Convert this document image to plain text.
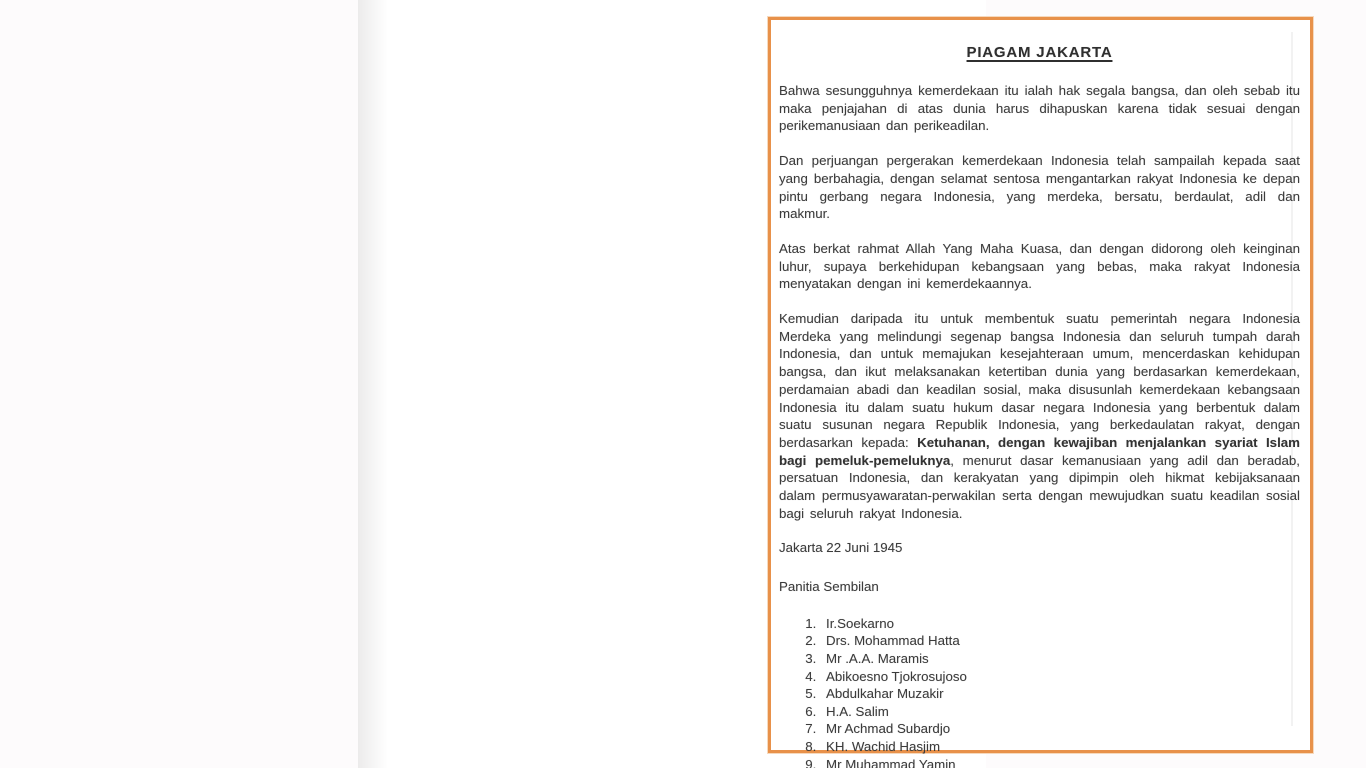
PIAGAM JAKARTA

Bahwa sesungguhnya kemerdekaan itu ialah hak segala bangsa, dan oleh sebab itu maka penjajahan di atas dunia harus dihapuskan karena tidak sesuai dengan perikemanusiaan dan perikeadilan.

Dan perjuangan pergerakan kemerdekaan Indonesia telah sampailah kepada saat yang berbahagia, dengan selamat sentosa mengantarkan rakyat Indonesia ke depan pintu gerbang negara Indonesia, yang merdeka, bersatu, berdaulat, adil dan makmur.

Atas berkat rahmat Allah Yang Maha Kuasa, dan dengan didorong oleh keinginan luhur, supaya berkehidupan kebangsaan yang bebas, maka rakyat Indonesia menyatakan dengan ini kemerdekaannya.

Kemudian daripada itu untuk membentuk suatu pemerintah negara Indonesia Merdeka yang melindungi segenap bangsa Indonesia dan seluruh tumpah darah Indonesia, dan untuk memajukan kesejahteraan umum, mencerdaskan kehidupan bangsa, dan ikut melaksanakan ketertiban dunia yang berdasarkan kemerdekaan, perdamaian abadi dan keadilan sosial, maka disusunlah kemerdekaan kebangsaan Indonesia itu dalam suatu hukum dasar negara Indonesia yang berbentuk dalam suatu susunan negara Republik Indonesia, yang berkedaulatan rakyat, dengan berdasarkan kepada: Ketuhanan, dengan kewajiban menjalankan syariat Islam bagi pemeluk-pemeluknya, menurut dasar kemanusiaan yang adil dan beradab, persatuan Indonesia, dan kerakyatan yang dipimpin oleh hikmat kebijaksanaan dalam permusyawaratan-perwakilan serta dengan mewujudkan suatu keadilan sosial bagi seluruh rakyat Indonesia.

Jakarta 22 Juni 1945
Panitia Sembilan
1. Ir.Soekarno
2. Drs. Mohammad Hatta
3. Mr .A.A. Maramis
4. Abikoesno Tjokrosujoso
5. Abdulkahar Muzakir
6. H.A. Salim
7. Mr Achmad Subardjo
8. KH. Wachid Hasjim
9. Mr Muhammad Yamin
